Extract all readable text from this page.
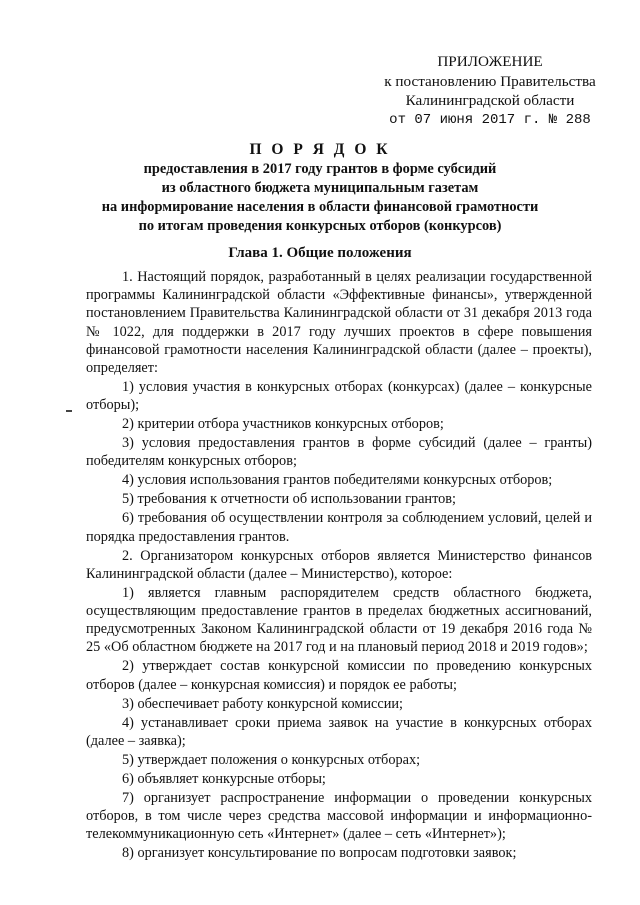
ПРИЛОЖЕНИЕ
к постановлению Правительства
Калининградской области
от 07 июня 2017 г. № 288
П О Р Я Д О К
предоставления в 2017 году грантов в форме субсидий
из областного бюджета муниципальным газетам
на информирование населения в области финансовой грамотности
по итогам проведения конкурсных отборов (конкурсов)
Глава 1. Общие положения

1. Настоящий порядок, разработанный в целях реализации государственной программы Калининградской области «Эффективные финансы», утвержденной постановлением Правительства Калининградской области от 31 декабря 2013 года № 1022, для поддержки в 2017 году лучших проектов в сфере повышения финансовой грамотности населения Калининградской области (далее – проекты), определяет:

1) условия участия в конкурсных отборах (конкурсах) (далее – конкурсные отборы);

2) критерии отбора участников конкурсных отборов;

3) условия предоставления грантов в форме субсидий (далее – гранты) победителям конкурсных отборов;

4) условия использования грантов победителями конкурсных отборов;

5) требования к отчетности об использовании грантов;

6) требования об осуществлении контроля за соблюдением условий, целей и порядка предоставления грантов.

2. Организатором конкурсных отборов является Министерство финансов Калининградской области (далее – Министерство), которое:

1) является главным распорядителем средств областного бюджета, осуществляющим предоставление грантов в пределах бюджетных ассигнований, предусмотренных Законом Калининградской области от 19 декабря 2016 года № 25 «Об областном бюджете на 2017 год и на плановый период 2018 и 2019 годов»;

2) утверждает состав конкурсной комиссии по проведению конкурсных отборов (далее – конкурсная комиссия) и порядок ее работы;

3) обеспечивает работу конкурсной комиссии;

4) устанавливает сроки приема заявок на участие в конкурсных отборах (далее – заявка);

5) утверждает положения о конкурсных отборах;

6) объявляет конкурсные отборы;

7) организует распространение информации о проведении конкурсных отборов, в том числе через средства массовой информации и информационно-телекоммуникационную сеть «Интернет» (далее – сеть «Интернет»);

8) организует консультирование по вопросам подготовки заявок;
